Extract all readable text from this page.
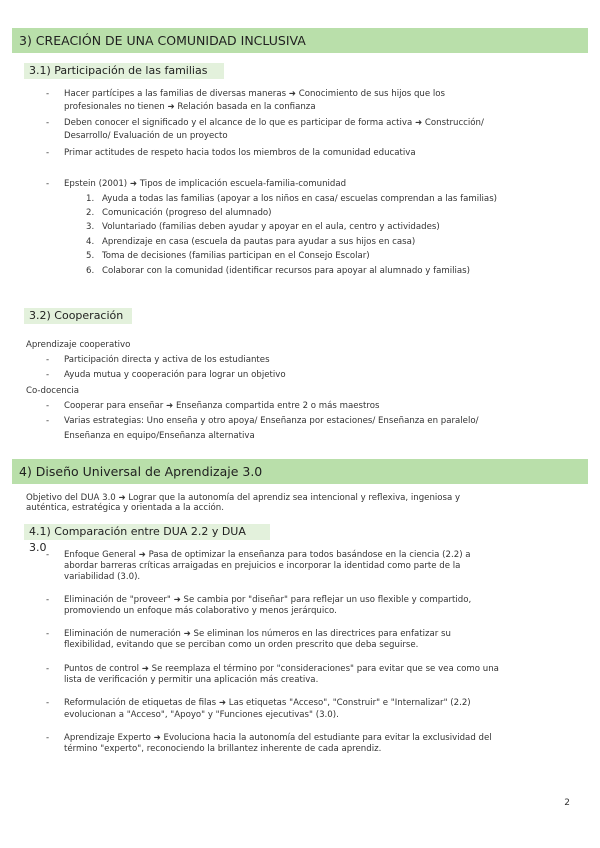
3) CREACIÓN DE UNA COMUNIDAD INCLUSIVA
3.1) Participación de las familias
- Hacer partícipes a las familias de diversas maneras ➜ Conocimiento de sus hijos que los
profesionales no tienen ➜ Relación basada en la confianza
- Deben conocer el significado y el alcance de lo que es participar de forma activa ➜ Construcción/
Desarrollo/ Evaluación de un proyecto
- Primar actitudes de respeto hacia todos los miembros de la comunidad educativa
- Epstein (2001) ➜ Tipos de implicación escuela-familia-comunidad
1. Ayuda a todas las familias (apoyar a los niños en casa/ escuelas comprendan a las familias)
2. Comunicación (progreso del alumnado)
3. Voluntariado (familias deben ayudar y apoyar en el aula, centro y actividades)
4. Aprendizaje en casa (escuela da pautas para ayudar a sus hijos en casa)
5. Toma de decisiones (familias participan en el Consejo Escolar)
6. Colaborar con la comunidad (identificar recursos para apoyar al alumnado y familias)
3.2) Cooperación
Aprendizaje cooperativo
- Participación directa y activa de los estudiantes
- Ayuda mutua y cooperación para lograr un objetivo
Co-docencia
- Cooperar para enseñar ➜ Enseñanza compartida entre 2 o más maestros
- Varias estrategias: Uno enseña y otro apoya/ Enseñanza por estaciones/ Enseñanza en paralelo/
Enseñanza en equipo/Enseñanza alternativa
4) Diseño Universal de Aprendizaje 3.0
Objetivo del DUA 3.0 ➜ Lograr que la autonomía del aprendiz sea intencional y reflexiva, ingeniosa y
auténtica, estratégica y orientada a la acción.
4.1) Comparación entre DUA 2.2 y DUA 3.0
- Enfoque General ➜ Pasa de optimizar la enseñanza para todos basándose en la ciencia (2.2) a
abordar barreras críticas arraigadas en prejuicios e incorporar la identidad como parte de la
variabilidad (3.0).
- Eliminación de "proveer" ➜ Se cambia por "diseñar" para reflejar un uso flexible y compartido,
promoviendo un enfoque más colaborativo y menos jerárquico.
- Eliminación de numeración ➜ Se eliminan los números en las directrices para enfatizar su
flexibilidad, evitando que se perciban como un orden prescrito que deba seguirse.
- Puntos de control ➜ Se reemplaza el término por "consideraciones" para evitar que se vea como una
lista de verificación y permitir una aplicación más creativa.
- Reformulación de etiquetas de filas ➜ Las etiquetas "Acceso", "Construir" e "Internalizar" (2.2)
evolucionan a "Acceso", "Apoyo" y "Funciones ejecutivas" (3.0).
- Aprendizaje Experto ➜ Evoluciona hacia la autonomía del estudiante para evitar la exclusividad del
término "experto", reconociendo la brillantez inherente de cada aprendiz.
2
